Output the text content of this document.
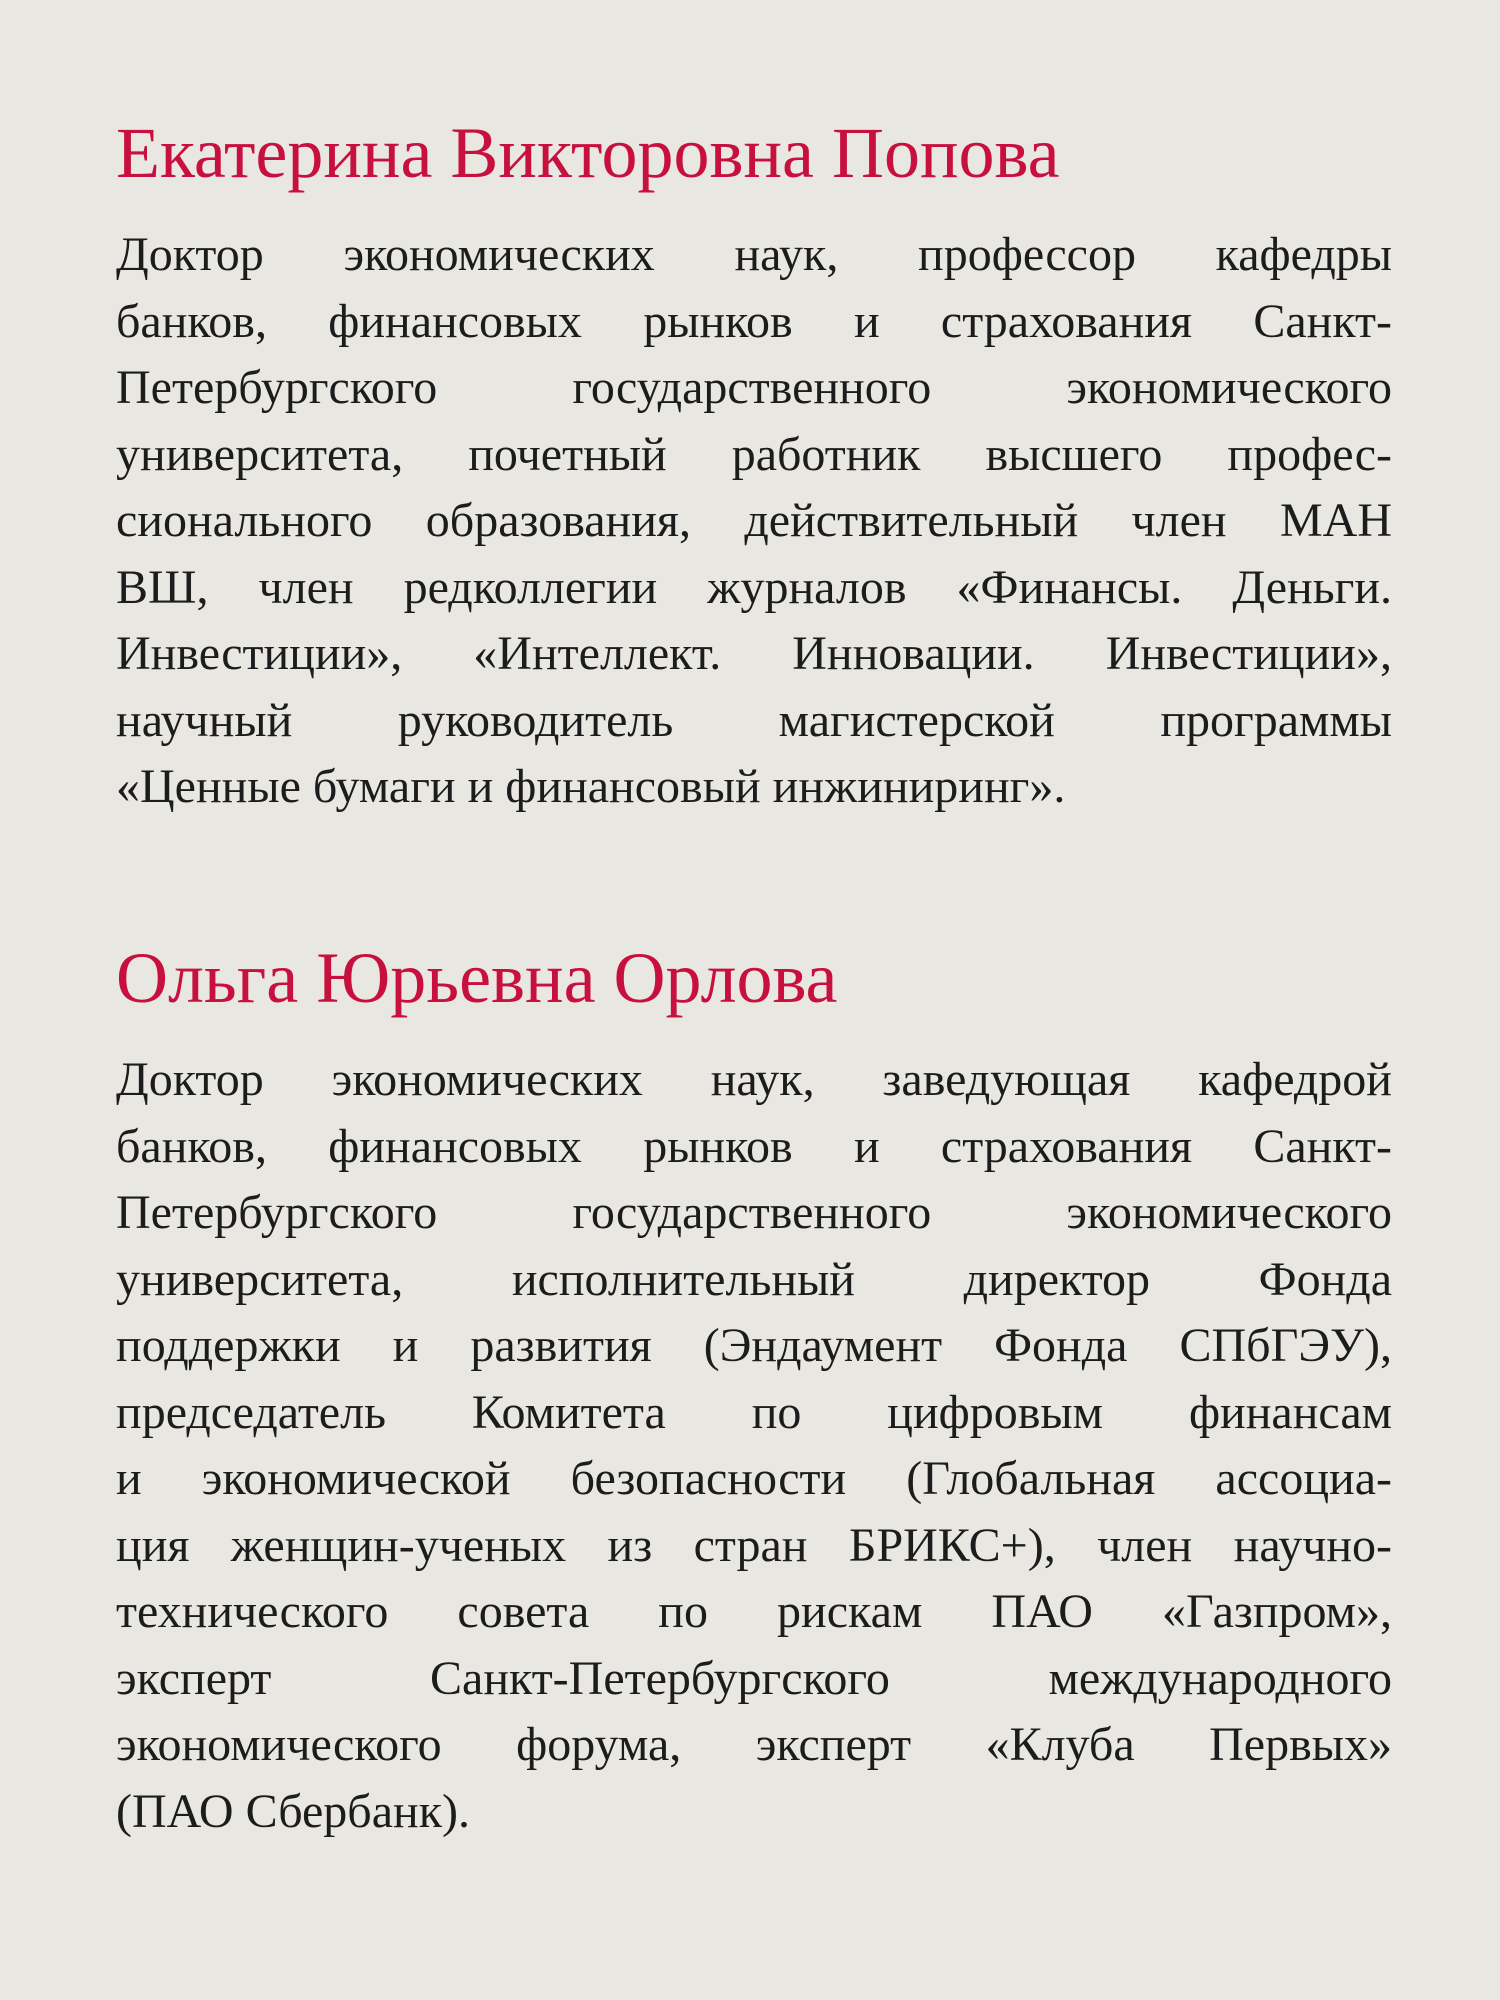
Екатерина Викторовна Попова
Доктор экономических наук, профессор кафедры
банков, финансовых рынков и страхования Санкт-
Петербургского государственного экономического
университета, почетный работник высшего профес-
сионального образования, действительный член МАН
ВШ, член редколлегии журналов «Финансы. Деньги.
Инвестиции», «Интеллект. Инновации. Инвестиции»,
научный руководитель магистерской программы
«Ценные бумаги и финансовый инжиниринг».
Ольга Юрьевна Орлова
Доктор экономических наук, заведующая кафедрой
банков, финансовых рынков и страхования Санкт-
Петербургского государственного экономического
университета, исполнительный директор Фонда
поддержки и развития (Эндаумент Фонда СПбГЭУ),
председатель Комитета по цифровым финансам
и экономической безопасности (Глобальная ассоциа-
ция женщин-ученых из стран БРИКС+), член научно-
технического совета по рискам ПАО «Газпром»,
эксперт Санкт-Петербургского международного
экономического форума, эксперт «Клуба Первых»
(ПАО Сбербанк).
